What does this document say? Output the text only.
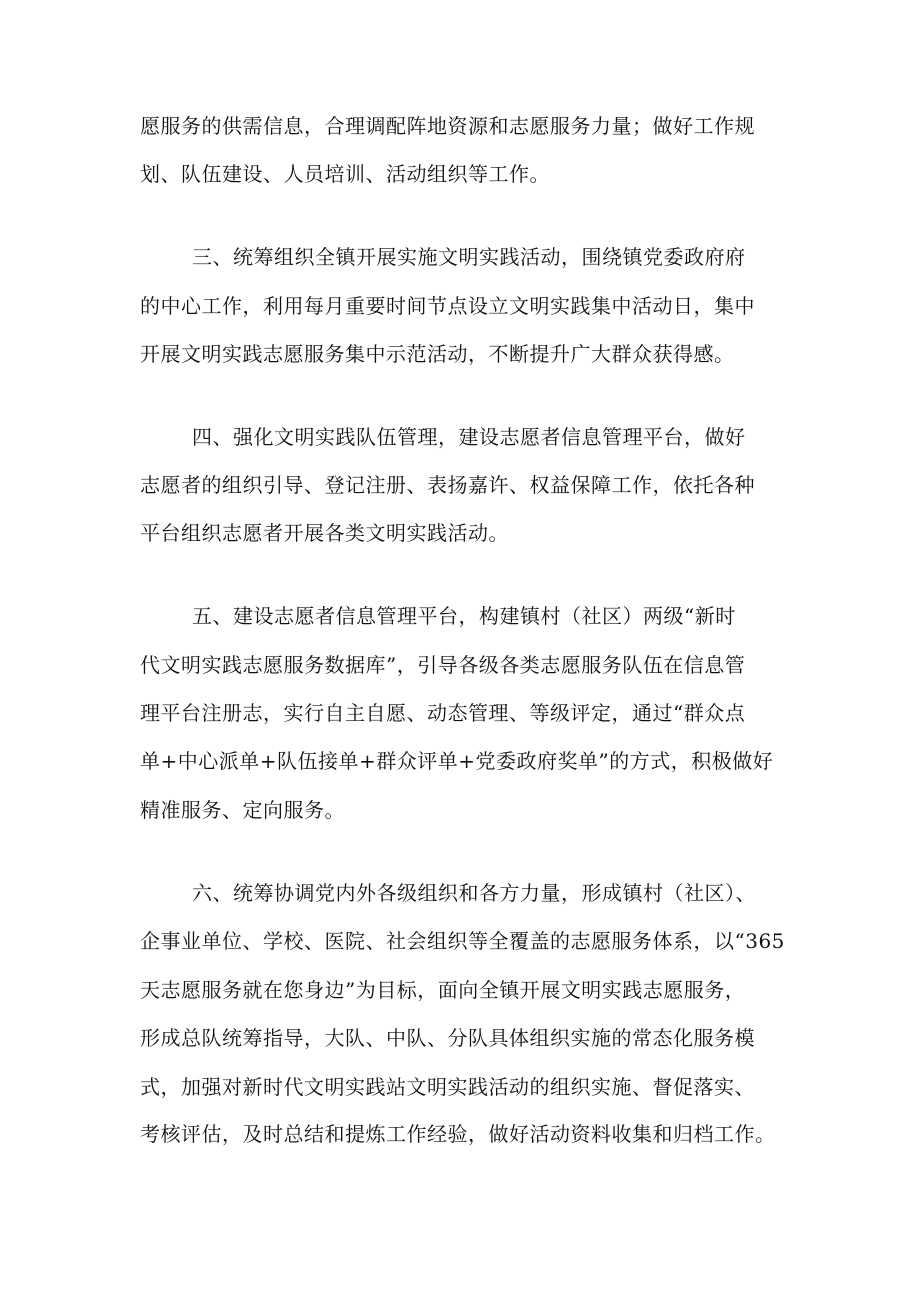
愿服务的供需信息，合理调配阵地资源和志愿服务力量；做好工作规
划、队伍建设、人员培训、活动组织等工作。
三、统筹组织全镇开展实施文明实践活动，围绕镇党委政府府
的中心工作，利用每月重要时间节点设立文明实践集中活动日，集中
开展文明实践志愿服务集中示范活动，不断提升广大群众获得感。
四、强化文明实践队伍管理，建设志愿者信息管理平台，做好
志愿者的组织引导、登记注册、表扬嘉许、权益保障工作，依托各种
平台组织志愿者开展各类文明实践活动。
五、建设志愿者信息管理平台，构建镇村（社区）两级“新时
代文明实践志愿服务数据库”，引导各级各类志愿服务队伍在信息管
理平台注册志，实行自主自愿、动态管理、等级评定，通过“群众点
单+中心派单+队伍接单+群众评单+党委政府奖单”的方式，积极做好
精准服务、定向服务。
六、统筹协调党内外各级组织和各方力量，形成镇村（社区）、
企事业单位、学校、医院、社会组织等全覆盖的志愿服务体系，以“365
天志愿服务就在您身边”为目标，面向全镇开展文明实践志愿服务，
形成总队统筹指导，大队、中队、分队具体组织实施的常态化服务模
式，加强对新时代文明实践站文明实践活动的组织实施、督促落实、
考核评估，及时总结和提炼工作经验，做好活动资料收集和归档工作。
